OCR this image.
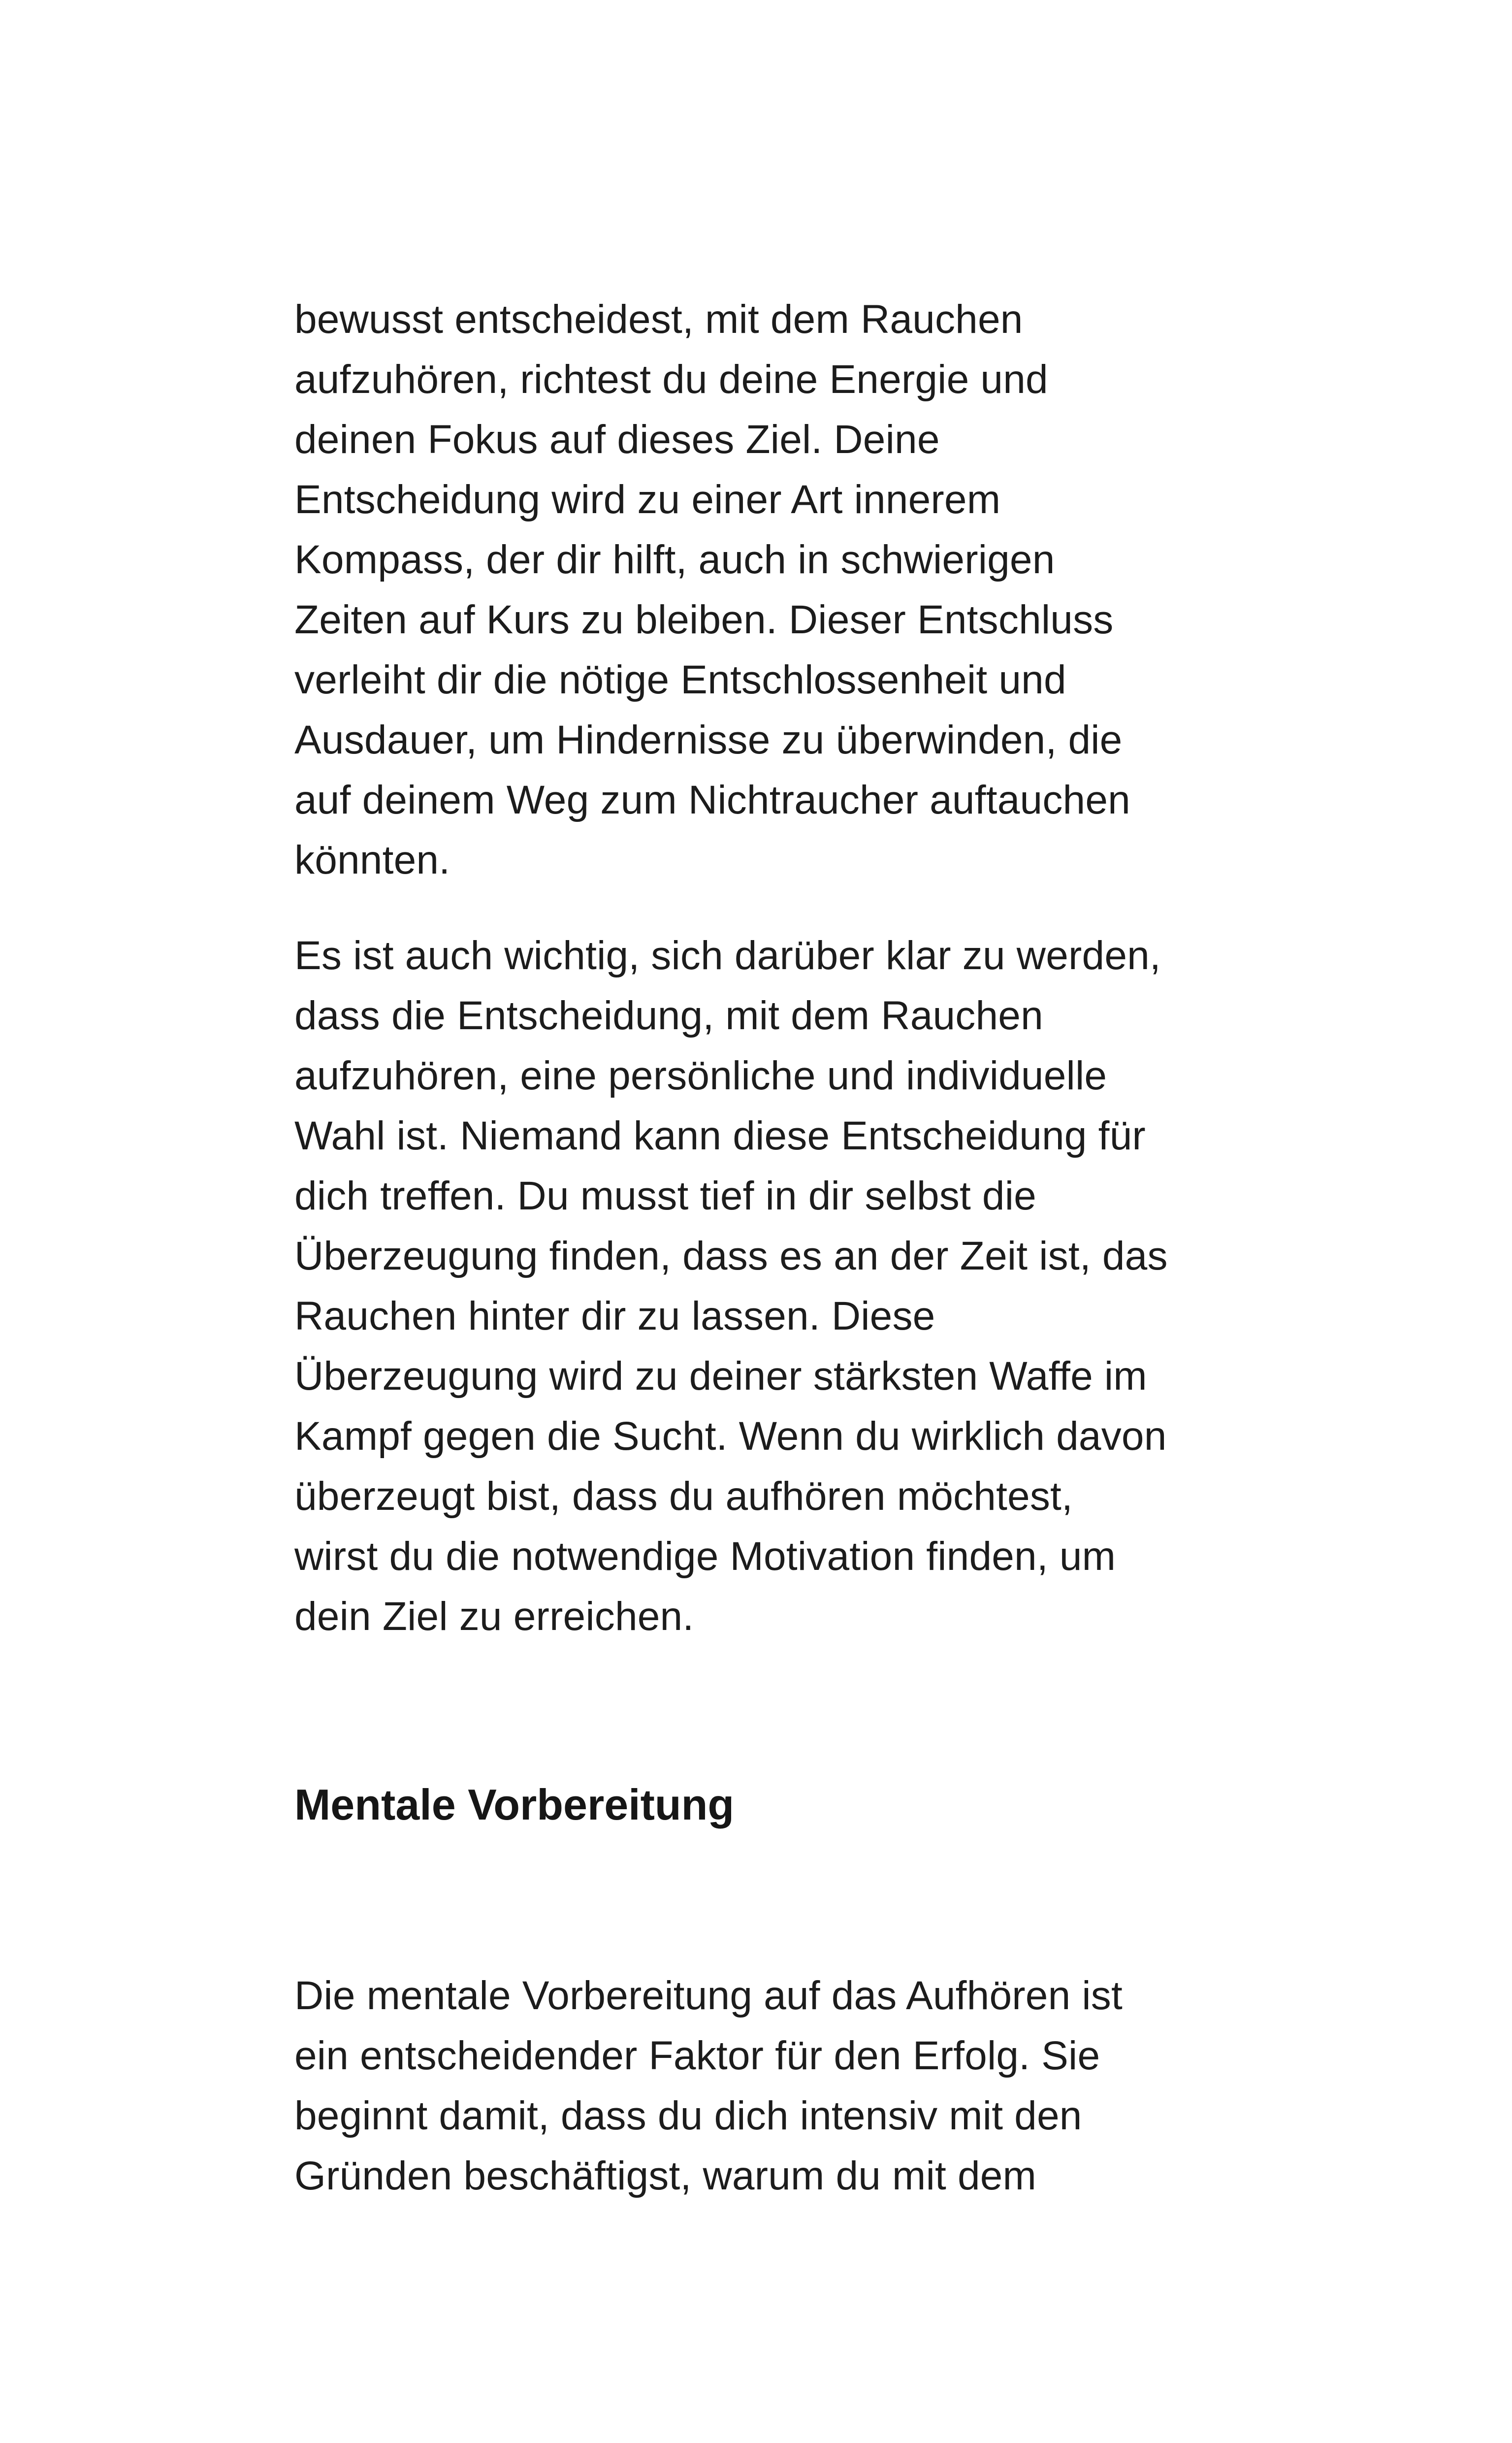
bewusst entscheidest, mit dem Rauchen
aufzuhören, richtest du deine Energie und
deinen Fokus auf dieses Ziel. Deine
Entscheidung wird zu einer Art innerem
Kompass, der dir hilft, auch in schwierigen
Zeiten auf Kurs zu bleiben. Dieser Entschluss
verleiht dir die nötige Entschlossenheit und
Ausdauer, um Hindernisse zu überwinden, die
auf deinem Weg zum Nichtraucher auftauchen
könnten.

Es ist auch wichtig, sich darüber klar zu werden,
dass die Entscheidung, mit dem Rauchen
aufzuhören, eine persönliche und individuelle
Wahl ist. Niemand kann diese Entscheidung für
dich treffen. Du musst tief in dir selbst die
Überzeugung finden, dass es an der Zeit ist, das
Rauchen hinter dir zu lassen. Diese
Überzeugung wird zu deiner stärksten Waffe im
Kampf gegen die Sucht. Wenn du wirklich davon
überzeugt bist, dass du aufhören möchtest,
wirst du die notwendige Motivation finden, um
dein Ziel zu erreichen.

Mentale Vorbereitung

Die mentale Vorbereitung auf das Aufhören ist
ein entscheidender Faktor für den Erfolg. Sie
beginnt damit, dass du dich intensiv mit den
Gründen beschäftigst, warum du mit dem
